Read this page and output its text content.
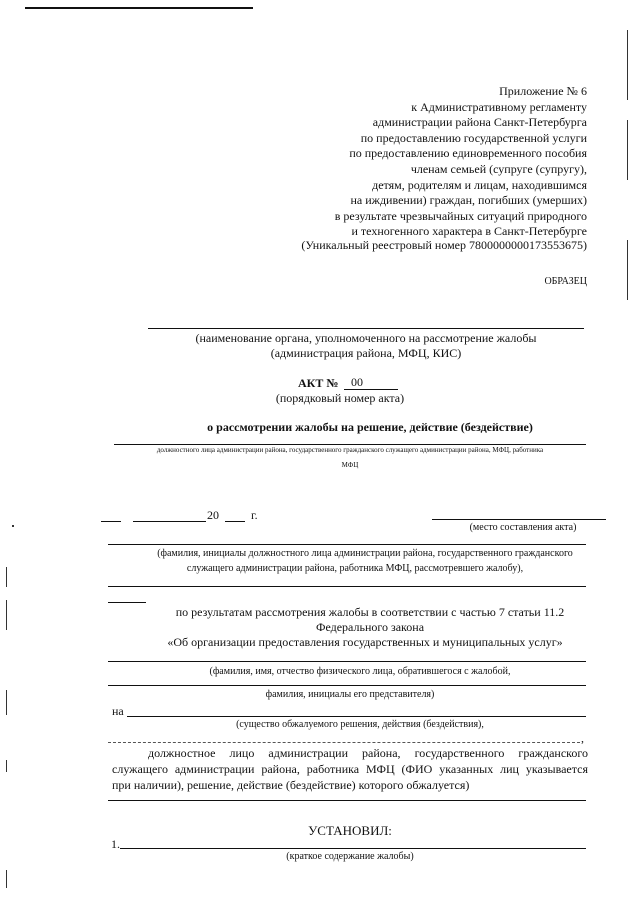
Приложение № 6
к Административному регламенту
администрации района Санкт-Петербурга
по предоставлению государственной услуги
по предоставлению единовременного пособия
членам семьей (супруге (супругу),
детям, родителям и лицам, находившимся
на иждивении) граждан, погибших (умерших)
в результате чрезвычайных ситуаций природного
и техногенного характера в Санкт-Петербурге
(Уникальный реестровый номер 7800000000173553675)
ОБРАЗЕЦ
(наименование органа, уполномоченного на рассмотрение жалобы
(администрация района, МФЦ, КИС)
АКТ № 00
(порядковый номер акта)
о рассмотрении жалобы на решение, действие (бездействие)
должностного лица администрации района, государственного гражданского служащего администрации района, МФЦ, работника
МФЦ
20	г.
(место составления акта)
(фамилия, инициалы должностного лица администрации района, государственного гражданского
служащего администрации района, работника МФЦ, рассмотревшего жалобу),
по результатам рассмотрения жалобы в соответствии с частью 7 статьи 11.2
Федерального закона
«Об организации предоставления государственных и муниципальных услуг»
(фамилия, имя, отчество физического лица, обратившегося с жалобой,
фамилия, инициалы его представителя)
на
(существо обжалуемого решения, действия (бездействия),
,
должностное лицо администрации района, государственного гражданского
служащего администрации района, работника МФЦ (ФИО указанных лиц указывается
при наличии), решение, действие (бездействие) которого обжалуется)
УСТАНОВИЛ:
1.
(краткое содержание жалобы)
